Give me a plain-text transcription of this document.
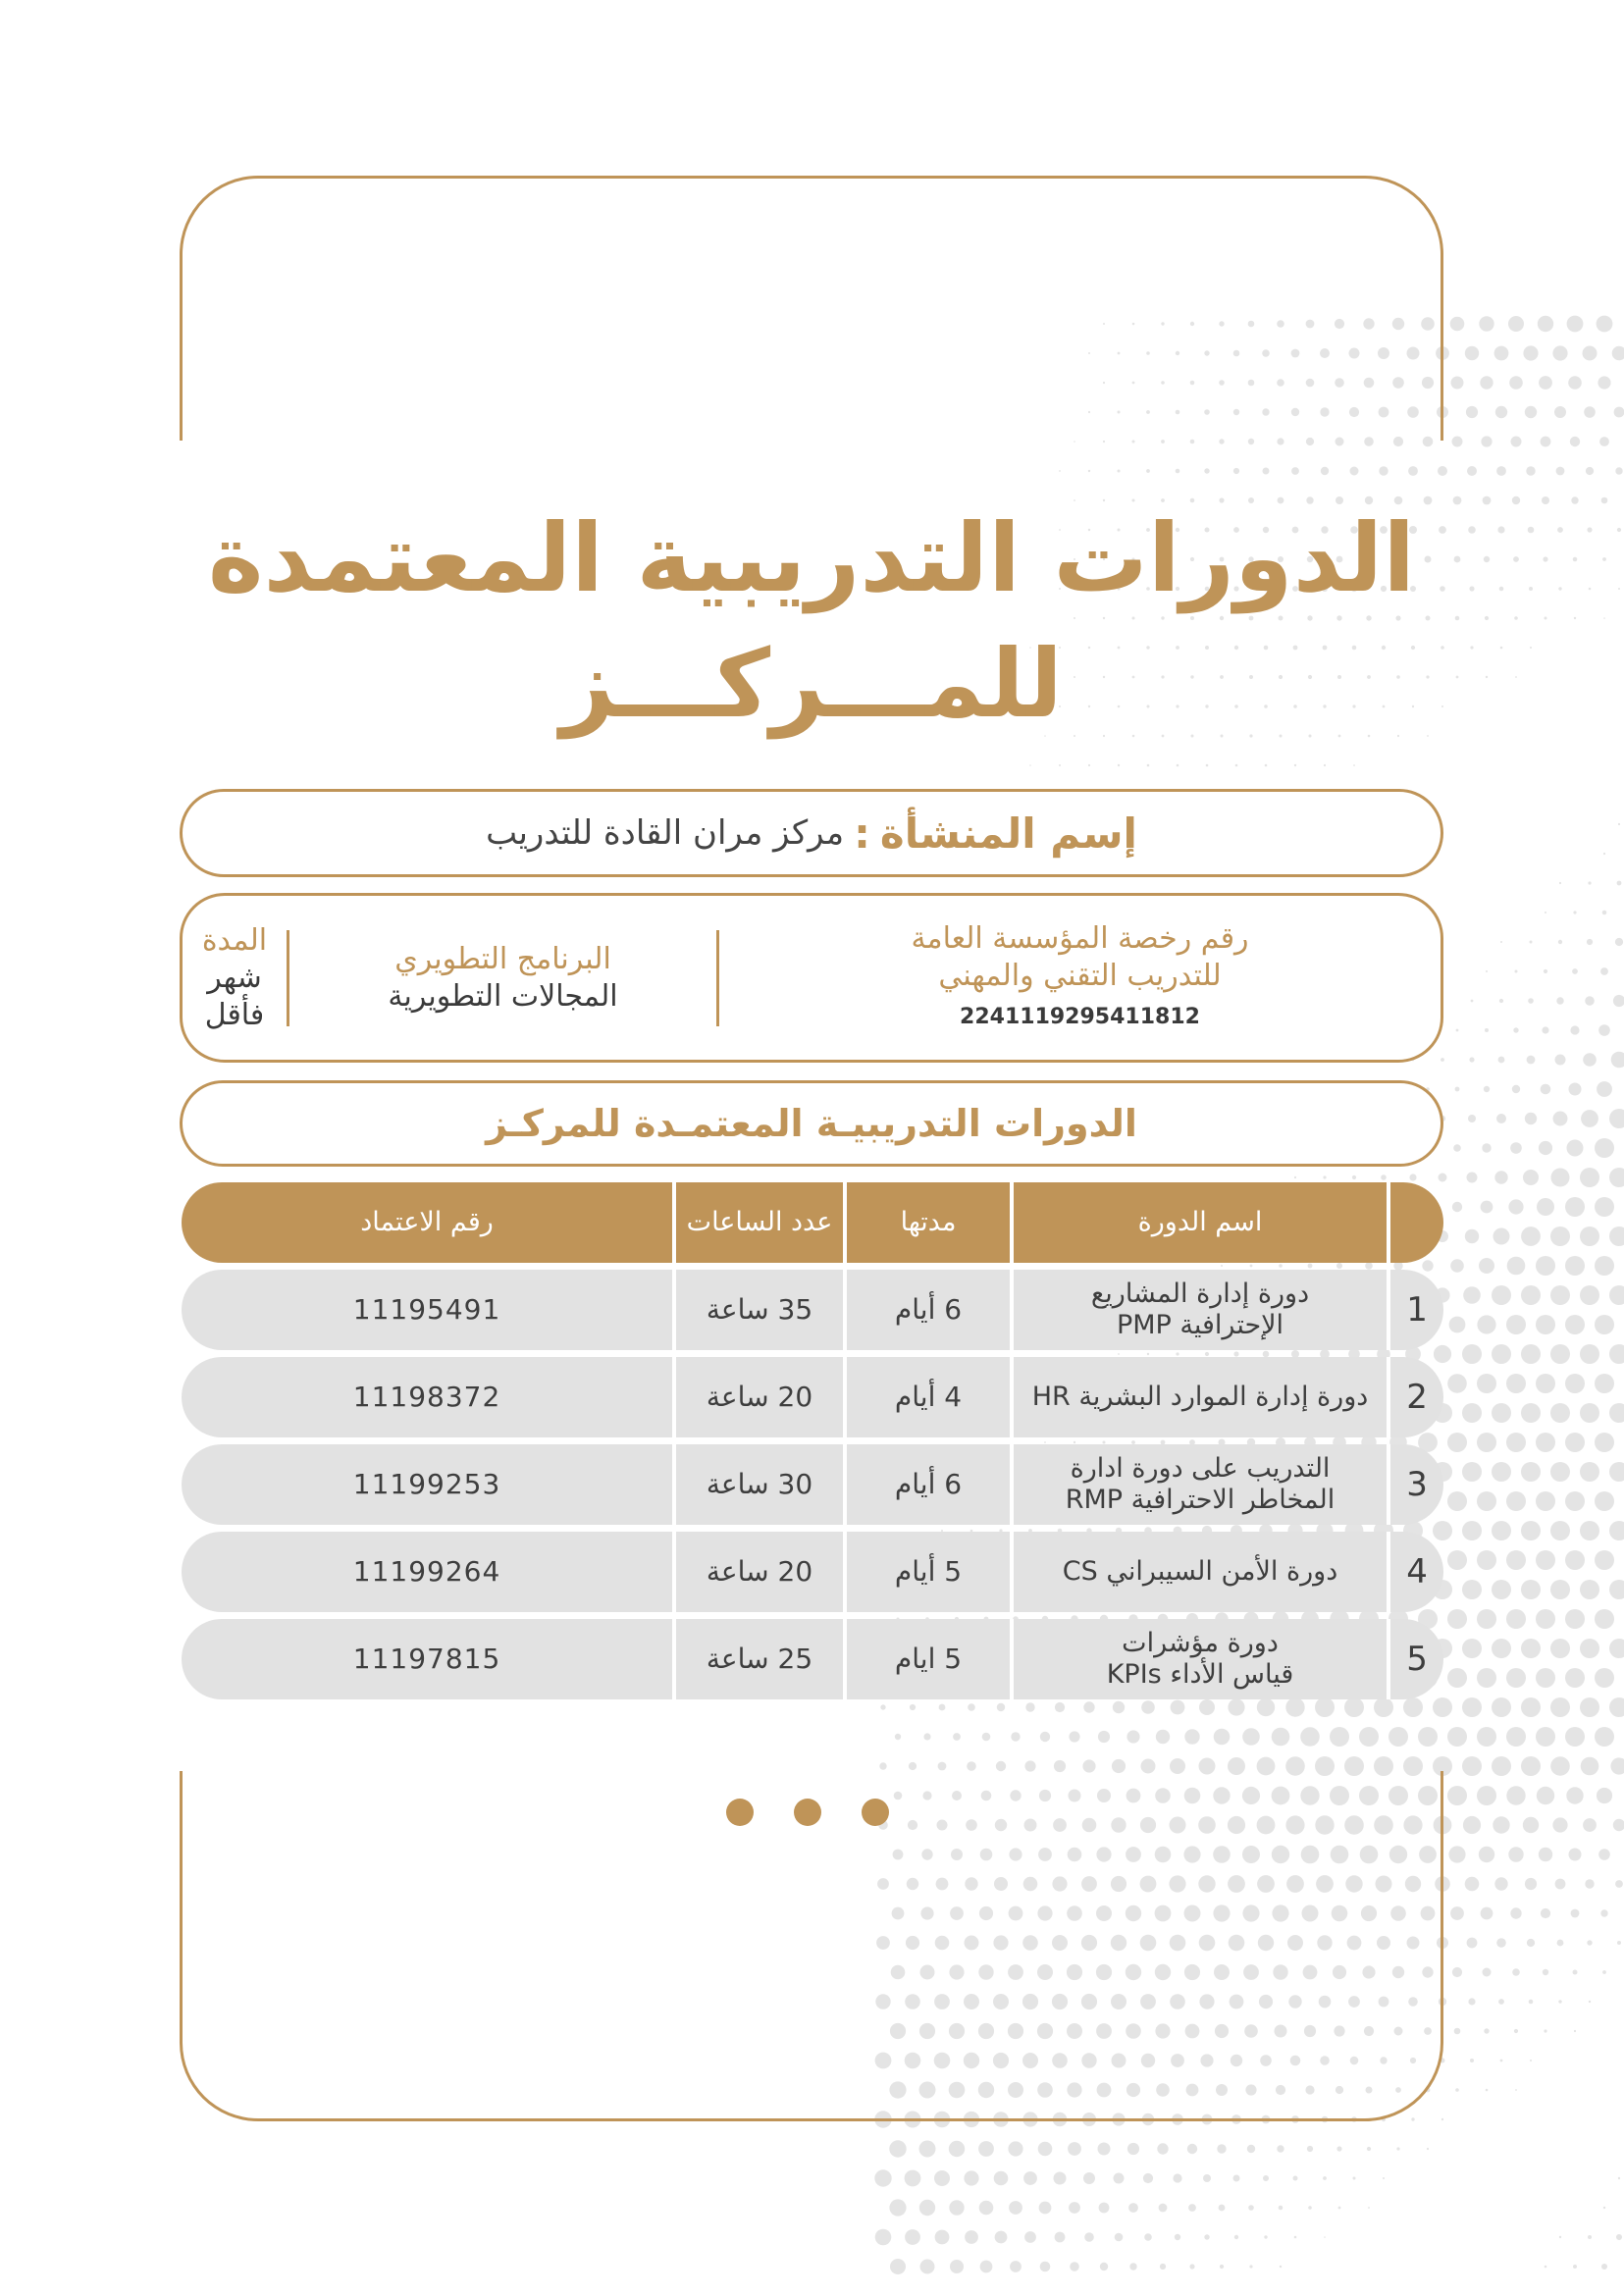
الدورات التدريبية المعتمدة
للمـــركـــز
إسم المنشأة
:
مركز مران القادة للتدريب
رقم رخصة المؤسسة العامة
للتدريب التقني والمهني
2241119295411812
البرنامج التطويري
المجالات التطويرية
المدة
شهر فأقل
الدورات التدريبيـة المعتمـدة للمركـز
اسم الدورة
مدتها
عدد الساعات
رقم الاعتماد
1
دورة إدارة المشاريع
الإحترافية PMP
6 أيام
35 ساعة
11195491
2
دورة إدارة الموارد البشرية HR
4 أيام
20 ساعة
11198372
3
التدريب على دورة ادارة
المخاطر الاحترافية RMP
6 أيام
30 ساعة
11199253
4
دورة الأمن السيبراني CS
5 أيام
20 ساعة
11199264
5
دورة مؤشرات
قياس الأداء KPIs
5 ايام
25 ساعة
11197815
